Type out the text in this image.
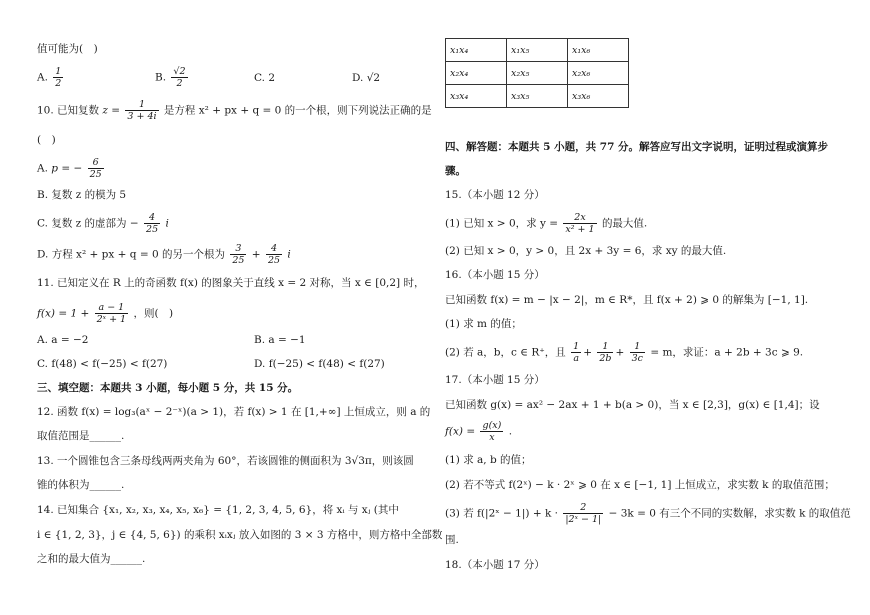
值可能为(　)
A. $\frac{1}{2}$	B. $\frac{√2}{2}$	C. 2	D. √2
10. 已知复数 $z = \frac{1}{3 + 4i}$ 是方程 x² + px + q = 0 的一个根，则下列说法正确的是
(　)
A. p = − $\frac{6}{25}$
B. 复数 z 的模为 5
C. 复数 z 的虚部为 − $\frac{4}{25}$ i
D. 方程 x² + px + q = 0 的另一个根为 $\frac{3}{25} + \frac{4}{25}$ i
11. 已知定义在 R 上的奇函数 f(x) 的图象关于直线 x = 2 对称，当 x ∈ [0,2] 时，
$f(x) = 1 + \frac{a - 1}{\text{2ˣ + 1}}$ ，则(　)
A. a = −2	B. a = −1
C. f(48) < f(−25) < f(27)	D. f(−25) < f(48) < f(27)
三、填空题：本题共 3 小题，每小题 5 分，共 15 分。
12. 函数 f(x) = log₃(aˣ − 2⁻ˣ)(a > 1)，若 f(x) > 1 在 [1,+∞] 上恒成立，则 a 的
取值范围是______.
13. 一个圆锥包含三条母线两两夹角为 60°，若该圆锥的侧面积为 3√3π，则该圆
锥的体积为______.
14. 已知集合 {x₁, x₂, x₃, x₄, x₅, x₆} = {1, 2, 3, 4, 5, 6}，将 xᵢ 与 xⱼ (其中
i ∈ {1, 2, 3}，j ∈ {4, 5, 6}) 的乘积 xᵢxⱼ 放入如图的 3 × 3 方格中，则方格中全部数
之和的最大值为______.
x₁x₄	x₁x₅	x₁x₆
x₂x₄	x₂x₅	x₂x₆
x₃x₄	x₃x₅	x₃x₆
四、解答题：本题共 5 小题，共 77 分。解答应写出文字说明，证明过程或演算步
骤。
15.（本小题 12 分）
(1) 已知 x > 0，求 $y = \frac{2x}{\text{x² + 1}}$ 的最大值.
(2) 已知 x > 0，y > 0，且 2x + 3y = 6，求 xy 的最大值.
16.（本小题 15 分）
已知函数 f(x) = m − |x − 2|，m ∈ R*，且 f(x + 2) ⩾ 0 的解集为 [−1, 1].
(1) 求 m 的值；
(2) 若 a，b，c ∈ R⁺，且 $\frac{1}{a} + \frac{1}{2b} + \frac{1}{3c} = m$，求证：a + 2b + 3c ⩾ 9.
17.（本小题 15 分）
已知函数 g(x) = ax² − 2ax + 1 + b(a > 0)，当 x ∈ [2,3]，g(x) ∈ [1,4]；设
$f(x) = \frac{g(x)}{x}$ .
(1) 求 a, b 的值；
(2) 若不等式 f(2ˣ) − k · 2ˣ ⩾ 0 在 x ∈ [−1, 1] 上恒成立，求实数 k 的取值范围；
(3) 若 f(|2ˣ − $1|) + k \cdot \frac{2}{\text{|2ˣ − 1|}} - 3k = 0$ 有三个不同的实数解，求实数 k 的取值范
围.
18.（本小题 17 分）
